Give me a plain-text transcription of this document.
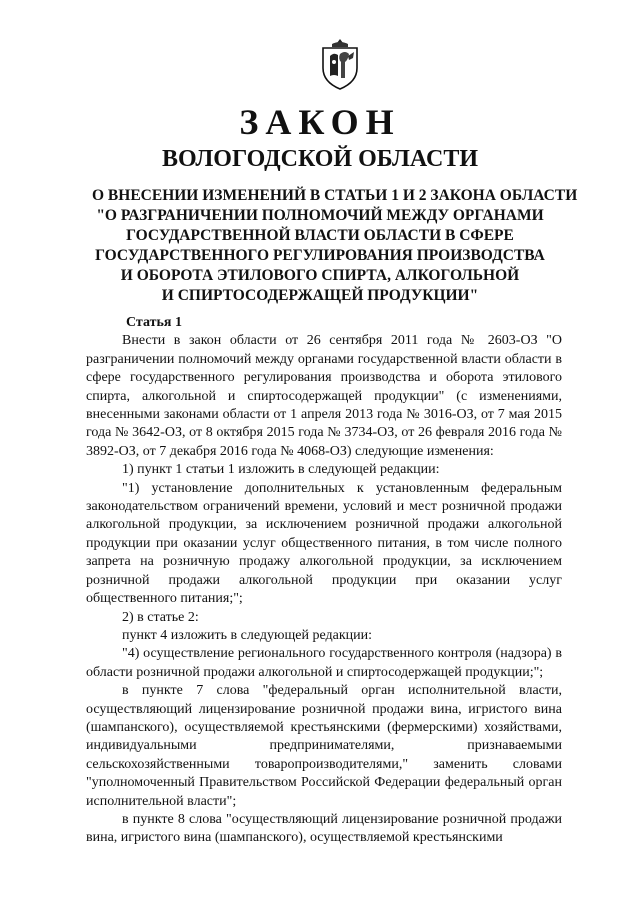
ЗАКОН
ВОЛОГОДСКОЙ ОБЛАСТИ
О ВНЕСЕНИИ ИЗМЕНЕНИЙ В СТАТЬИ 1 И 2 ЗАКОНА ОБЛАСТИ
"О РАЗГРАНИЧЕНИИ ПОЛНОМОЧИЙ МЕЖДУ ОРГАНАМИ
ГОСУДАРСТВЕННОЙ ВЛАСТИ ОБЛАСТИ В СФЕРЕ
ГОСУДАРСТВЕННОГО РЕГУЛИРОВАНИЯ ПРОИЗВОДСТВА
И ОБОРОТА ЭТИЛОВОГО СПИРТА, АЛКОГОЛЬНОЙ
И СПИРТОСОДЕРЖАЩЕЙ ПРОДУКЦИИ"
Статья 1

Внести в закон области от 26 сентября 2011 года № 2603-ОЗ "О разграничении полномочий между органами государственной власти области в сфере государственного регулирования производства и оборота этилового спирта, алкогольной и спиртосодержащей продукции" (с изменениями, внесенными законами области от 1 апреля 2013 года № 3016-ОЗ, от 7 мая 2015 года № 3642-ОЗ, от 8 октября 2015 года № 3734-ОЗ, от 26 февраля 2016 года № 3892-ОЗ, от 7 декабря 2016 года № 4068-ОЗ) следующие изменения:

1) пункт 1 статьи 1 изложить в следующей редакции:

"1) установление дополнительных к установленным федеральным законодательством ограничений времени, условий и мест розничной продажи алкогольной продукции, за исключением розничной продажи алкогольной продукции при оказании услуг общественного питания, в том числе полного запрета на розничную продажу алкогольной продукции, за исключением розничной продажи алкогольной продукции при оказании услуг общественного питания;";

2) в статье 2:

пункт 4 изложить в следующей редакции:

"4) осуществление регионального государственного контроля (надзора) в области розничной продажи алкогольной и спиртосодержащей продукции;";

в пункте 7 слова "федеральный орган исполнительной власти, осуществляющий лицензирование розничной продажи вина, игристого вина (шампанского), осуществляемой крестьянскими (фермерскими) хозяйствами, индивидуальными предпринимателями, признаваемыми сельскохозяйственными товаропроизводителями," заменить словами "уполномоченный Правительством Российской Федерации федеральный орган исполнительной власти";

в пункте 8 слова "осуществляющий лицензирование розничной продажи вина, игристого вина (шампанского), осуществляемой крестьянскими
